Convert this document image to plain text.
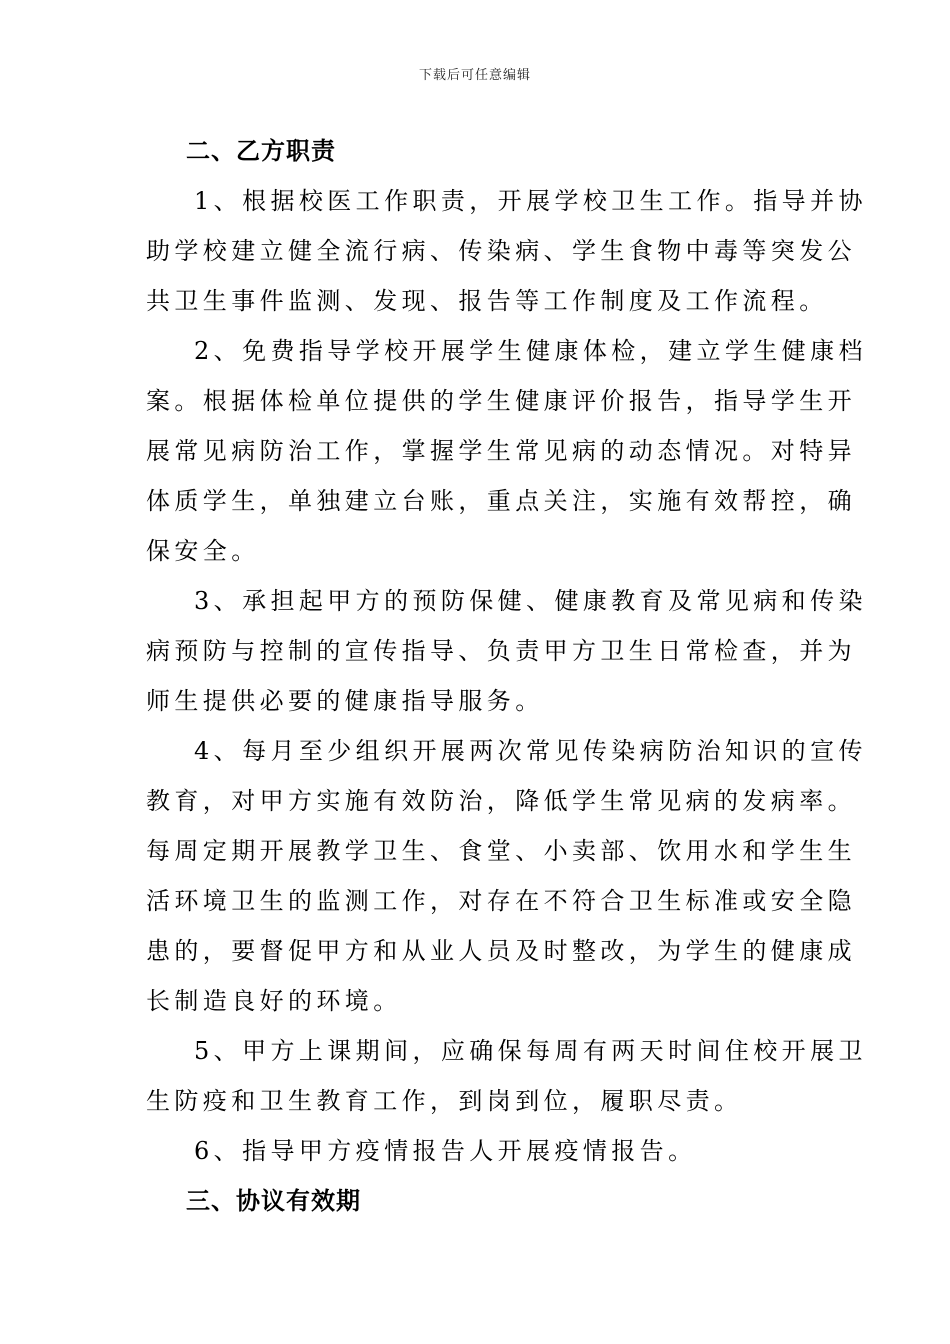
下载后可任意编辑
二、乙方职责

1、根据校医工作职责，开展学校卫生工作。指导并协
助学校建立健全流行病、传染病、学生食物中毒等突发公
共卫生事件监测、发现、报告等工作制度及工作流程。

2、免费指导学校开展学生健康体检，建立学生健康档
案。根据体检单位提供的学生健康评价报告，指导学生开
展常见病防治工作，掌握学生常见病的动态情况。对特异
体质学生，单独建立台账，重点关注，实施有效帮控，确
保安全。

3、承担起甲方的预防保健、健康教育及常见病和传染
病预防与控制的宣传指导、负责甲方卫生日常检查，并为
师生提供必要的健康指导服务。

4、每月至少组织开展两次常见传染病防治知识的宣传
教育，对甲方实施有效防治，降低学生常见病的发病率。
每周定期开展教学卫生、食堂、小卖部、饮用水和学生生
活环境卫生的监测工作，对存在不符合卫生标准或安全隐
患的，要督促甲方和从业人员及时整改，为学生的健康成
长制造良好的环境。

5、甲方上课期间，应确保每周有两天时间住校开展卫
生防疫和卫生教育工作，到岗到位，履职尽责。

6、指导甲方疫情报告人开展疫情报告。

三、协议有效期
